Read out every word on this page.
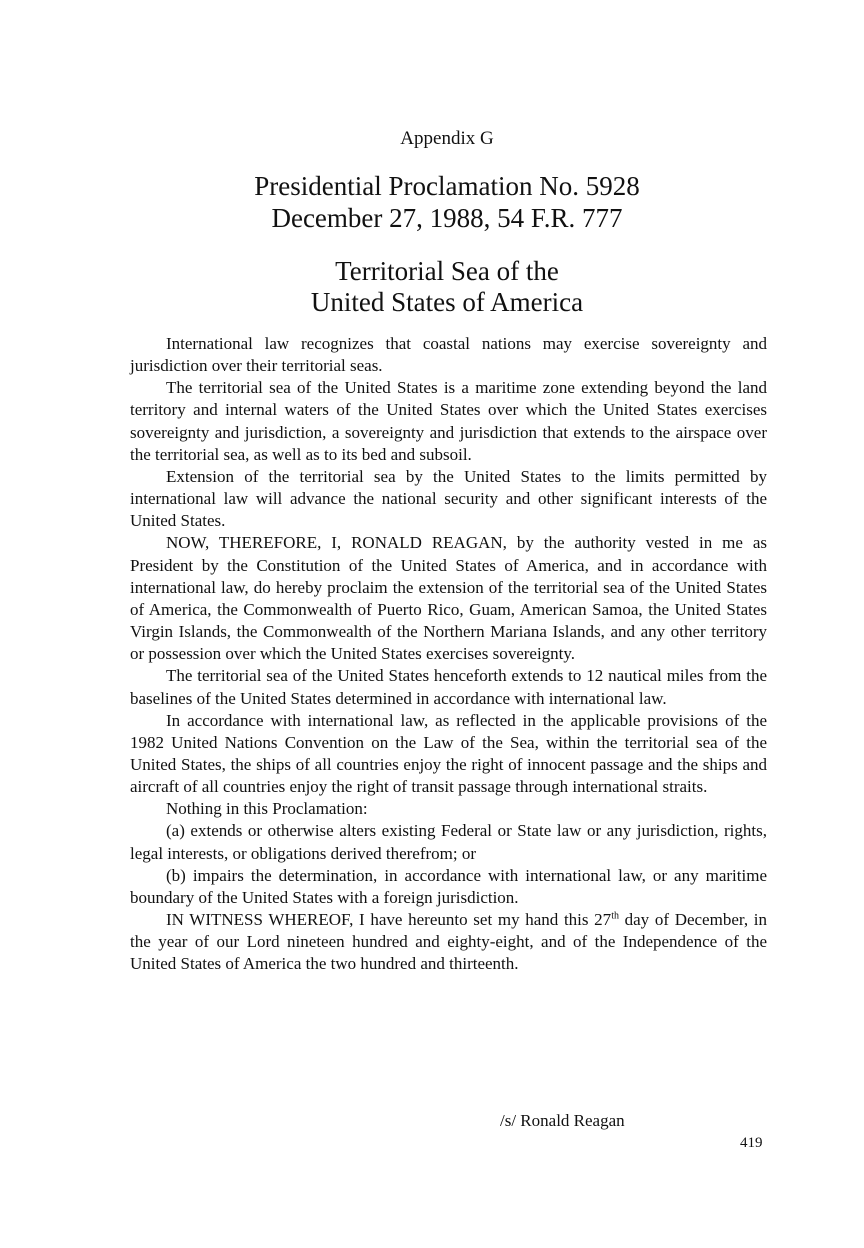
Appendix G
Presidential Proclamation No. 5928
December 27, 1988, 54 F.R. 777
Territorial Sea of the
United States of America

International law recognizes that coastal nations may exercise sovereignty and jurisdiction over their territorial seas.

The territorial sea of the United States is a maritime zone extending beyond the land territory and internal waters of the United States over which the United States exercises sovereignty and jurisdiction, a sovereignty and jurisdiction that extends to the airspace over the territorial sea, as well as to its bed and subsoil.

Extension of the territorial sea by the United States to the limits permitted by international law will advance the national security and other significant interests of the United States.

NOW, THEREFORE, I, RONALD REAGAN, by the authority vested in me as President by the Constitution of the United States of America, and in accordance with international law, do hereby proclaim the extension of the territorial sea of the United States of America, the Commonwealth of Puerto Rico, Guam, American Samoa, the United States Virgin Islands, the Commonwealth of the Northern Mariana Islands, and any other territory or possession over which the United States exercises sovereignty.

The territorial sea of the United States henceforth extends to 12 nautical miles from the baselines of the United States determined in accordance with international law.

In accordance with international law, as reflected in the applicable provisions of the 1982 United Nations Convention on the Law of the Sea, within the territorial sea of the United States, the ships of all countries enjoy the right of innocent passage and the ships and aircraft of all countries enjoy the right of transit passage through international straits.

Nothing in this Proclamation:

(a) extends or otherwise alters existing Federal or State law or any jurisdiction, rights, legal interests, or obligations derived therefrom; or

(b) impairs the determination, in accordance with international law, or any maritime boundary of the United States with a foreign jurisdiction.

IN WITNESS WHEREOF, I have hereunto set my hand this 27th day of December, in the year of our Lord nineteen hundred and eighty-eight, and of the Independence of the United States of America the two hundred and thirteenth.

/s/ Ronald Reagan
419
